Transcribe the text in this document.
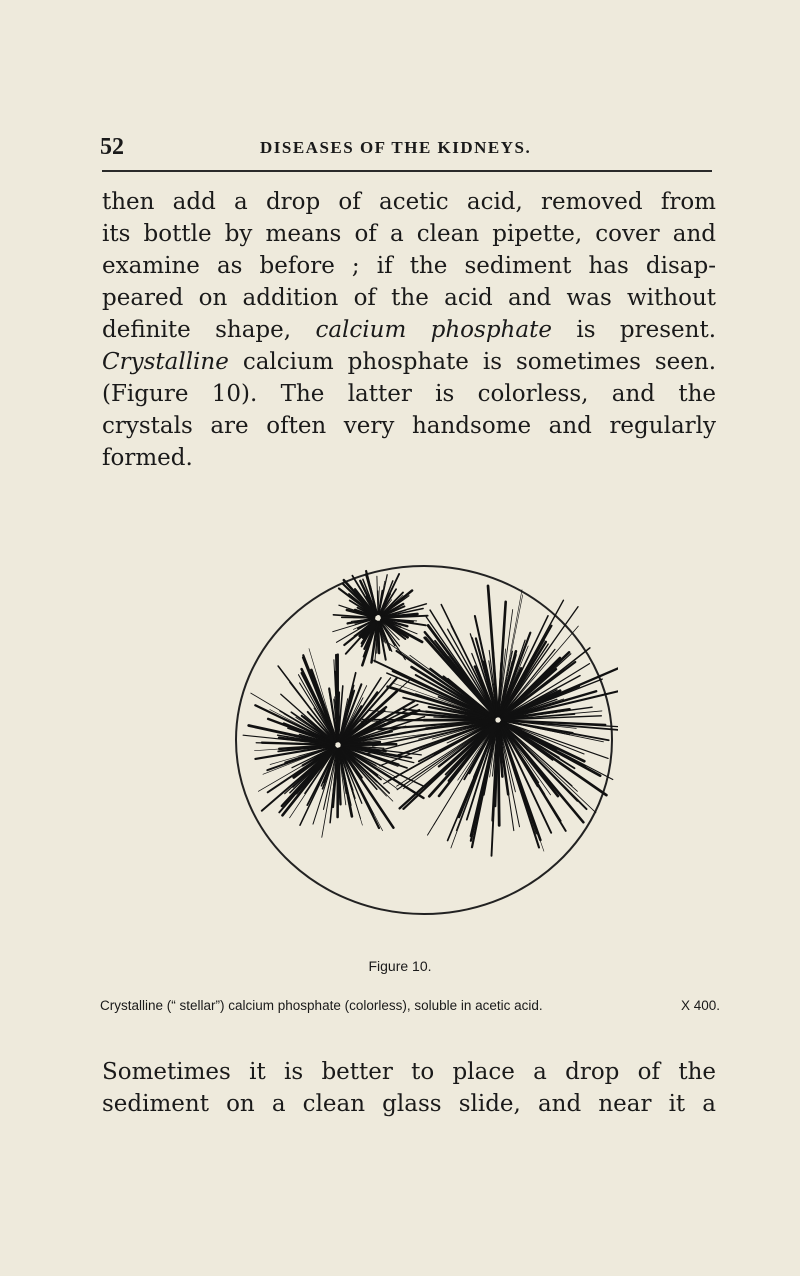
52	DISEASES OF THE KIDNEYS.

then add a drop of acetic acid, removed from
its bottle by means of a clean pipette, cover and
examine as before ; if the sediment has disap-
peared on addition of the acid and was without
definite shape, calcium phosphate is present.
Crystalline calcium phosphate is sometimes seen.
(Figure 10). The latter is colorless, and the
crystals are often very handsome and regularly
formed.

Figure 10.
Crystalline (“ stellar”) calcium phosphate (colorless), soluble in acetic acid.	X 400.

Sometimes it is better to place a drop of the
sediment on a clean glass slide, and near it a
